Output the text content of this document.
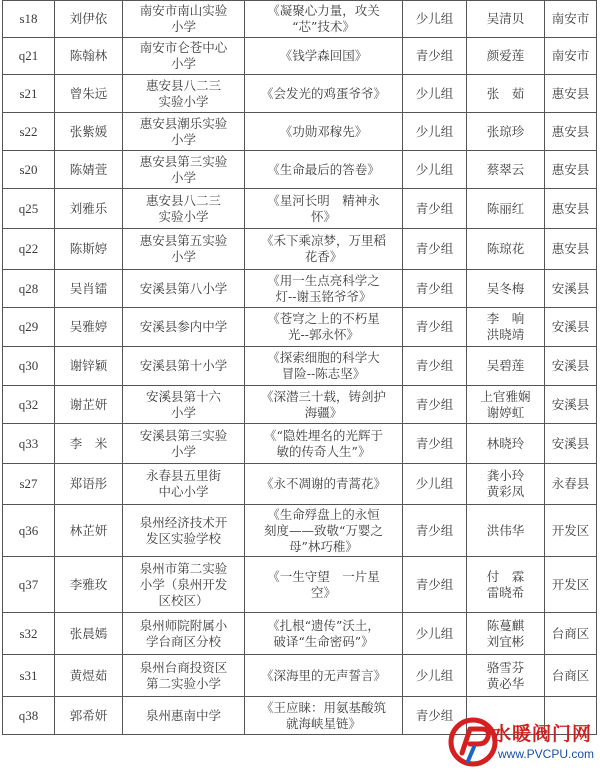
s18	刘伊依	南安市南山实验
小学	《凝聚心力量，攻关
“芯”技术》	少儿组	吴清贝	南安市
q21	陈翰林	南安市仑苍中心
小学	《钱学森回国》	青少组	颜爱莲	南安市
s21	曾朱远	惠安县八二三
实验小学	《会发光的鸡蛋爷爷》	少儿组	张　茹	惠安县
s22	张紫媛	惠安县潮乐实验
小学	《功勋邓稼先》	少儿组	张琼珍	惠安县
s20	陈婧萱	惠安县第三实验
小学	《生命最后的答卷》	少儿组	蔡翠云	惠安县
q25	刘雅乐	惠安县八二三
实验小学	《星河长明　精神永
怀》	青少组	陈丽红	惠安县
q22	陈斯婷	惠安县第五实验
小学	《禾下乘凉梦，万里稻
花香》	青少组	陈琼花	惠安县
q28	吴肖镭	安溪县第八小学	《用一生点亮科学之
灯--谢玉铭爷爷》	青少组	吴冬梅	安溪县
q29	吴雅婷	安溪县参内中学	《苍穹之上的不朽星
光--郭永怀》	青少组	李　响
洪晓靖	安溪县
q30	谢锌颖	安溪县第十小学	《探索细胞的科学大
冒险--陈志坚》	青少组	吴碧莲	安溪县
q32	谢芷妍	安溪县第十六
小学	《深潜三十载，铸剑护
海疆》	青少组	上官雅娴
谢婷虹	安溪县
q33	李　米	安溪县第三实验
小学	《“隐姓埋名的光辉于
敏的传奇人生”》	青少组	林晓玲	安溪县
s27	郑语彤	永春县五里街
中心小学	《永不凋谢的青蒿花》	少儿组	龚小玲
黄彩凤	永春县
q36	林芷妍	泉州经济技术开
发区实验学校	《生命殍盘上的永恒
刻度——致敬“万婴之
母”林巧稚》	青少组	洪伟华	开发区
q37	李雅玫	泉州市第二实验
小学（泉州开发
区校区）	《一生守望　一片星
空》	青少组	付　霖
雷晓希	开发区
s32	张晨嫣	泉州师院附属小
学台商区分校	《扎根“遗传”沃土，
破译“生命密码”》	少儿组	陈蔓麒
刘宜彬	台商区
s31	黄煜茹	泉州台商投资区
第二实验小学	《深海里的无声誓言》	少儿组	骆雪芬
黄必华	台商区
q38	郭希妍	泉州惠南中学	《王应睐：用氨基酸筑
就海峡星链》	青少组		
水暖阀门网
www.PVCPU.com
